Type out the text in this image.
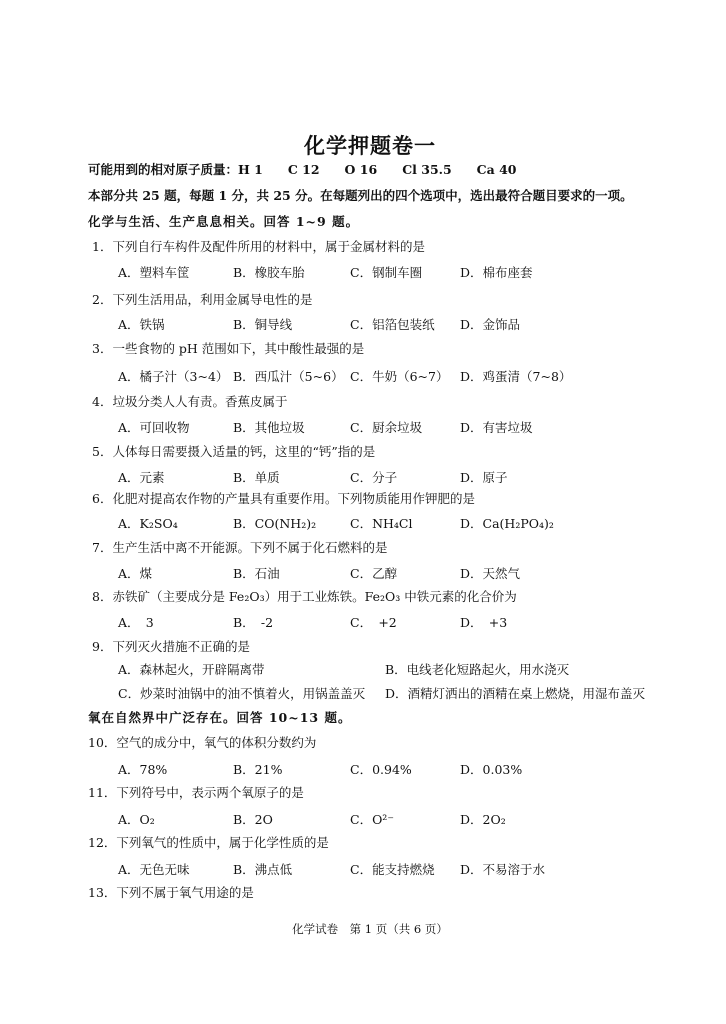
化学押题卷一
可能用到的相对原子质量：H 1　　C 12　　O 16　　Cl 35.5　　Ca 40
本部分共 25 题，每题 1 分，共 25 分。在每题列出的四个选项中，选出最符合题目要求的一项。
化学与生活、生产息息相关。回答 1~9 题。
氧在自然界中广泛存在。回答 10~13 题。
1．下列自行车构件及配件所用的材料中，属于金属材料的是
A．塑料车筐	B．橡胶车胎	C．钢制车圈	D．棉布座套
2．下列生活用品，利用金属导电性的是
A．铁锅	B．铜导线	C．铝箔包装纸 D．金饰品
3．一些食物的 pH 范围如下，其中酸性最强的是
A．橘子汁（3~4） B．西瓜汁（5~6） C．牛奶（6~7） D．鸡蛋清（7~8）
4．垃圾分类人人有责。香蕉皮属于
A．可回收物	B．其他垃圾	C．厨余垃圾	D．有害垃圾
5．人体每日需要摄入适量的钙，这里的“钙”指的是
A．元素	B．单质	C．分子	D．原子
6．化肥对提高农作物的产量具有重要作用。下列物质能用作钾肥的是
A．K₂SO₄	B．CO(NH₂)₂	C．NH₄Cl	D．Ca(H₂PO₄)₂
7．生产生活中离不开能源。下列不属于化石燃料的是
A．煤	B．石油	C．乙醇	D．天然气
8．赤铁矿（主要成分是 Fe₂O₃）用于工业炼铁。Fe₂O₃ 中铁元素的化合价为
A．　3	B．　-2	C．　+2	D．　+3
9．下列灭火措施不正确的是
A．森林起火，开辟隔离带	B．电线老化短路起火，用水浇灭
C．炒菜时油锅中的油不慎着火，用锅盖盖灭 D．酒精灯洒出的酒精在桌上燃烧，用湿布盖灭
10．空气的成分中，氧气的体积分数约为
A．78%	B．21%	C．0.94%	D．0.03%
11．下列符号中，表示两个氧原子的是
A．O₂	B．2O	C．O²⁻	D．2O₂
12．下列氧气的性质中，属于化学性质的是
A．无色无味	B．沸点低	C．能支持燃烧 D．不易溶于水
13．下列不属于氧气用途的是
化学试卷　第 1 页（共 6 页）
